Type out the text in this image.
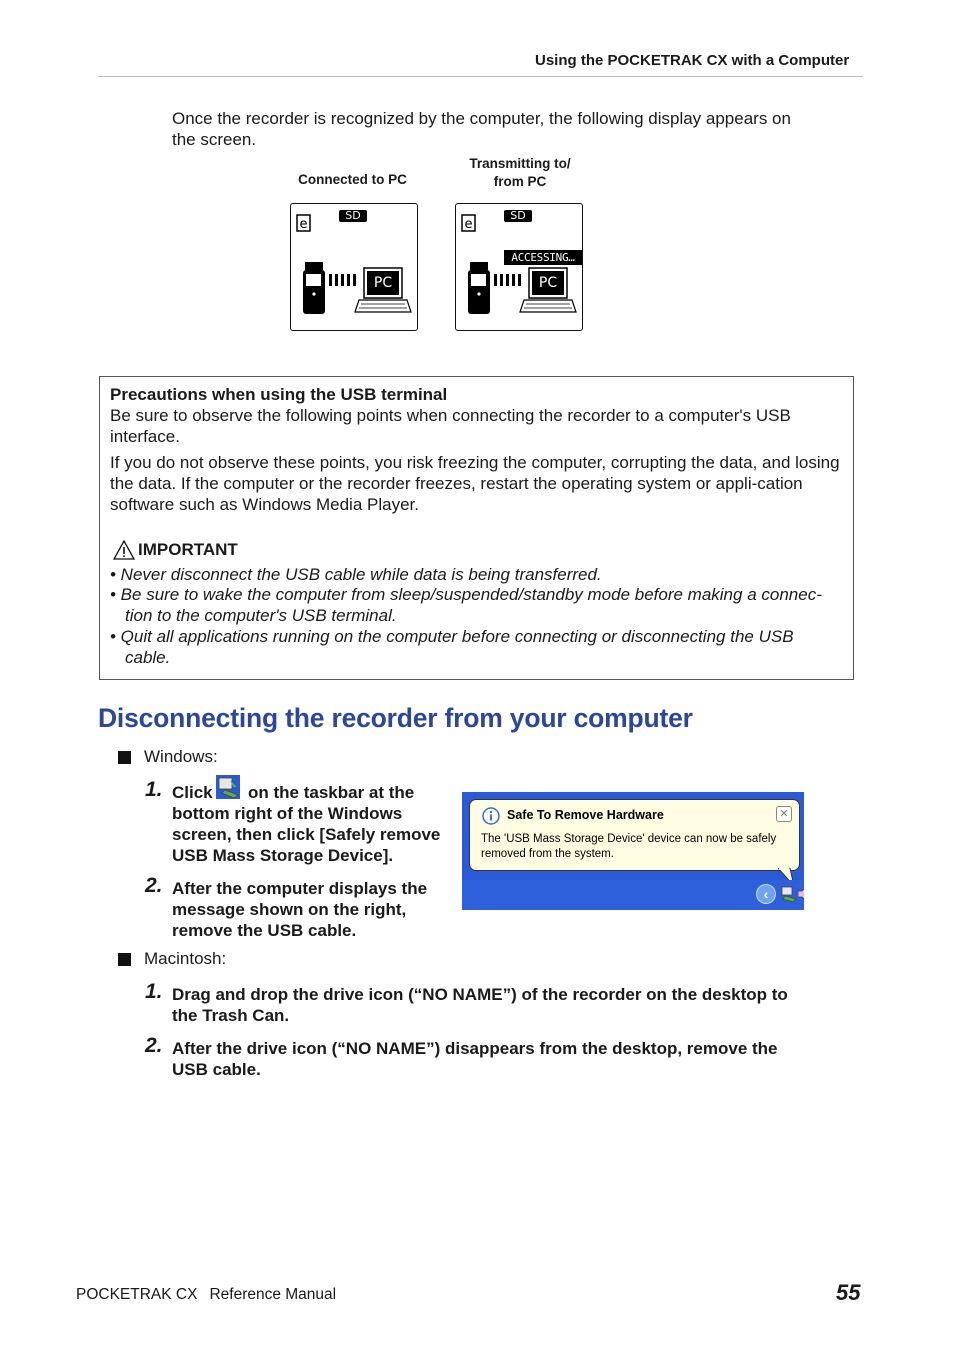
Using the POCKETRAK CX with a Computer
Once the recorder is recognized by the computer, the following display appears on the screen.
Connected to PC
Transmitting to/ from PC
e
SD
PC
e
SD
ACCESSING…
PC
Precautions when using the USB terminal
Be sure to observe the following points when connecting the recorder to a computer's USB interface.
If you do not observe these points, you risk freezing the computer, corrupting the data, and losing the data. If the computer or the recorder freezes, restart the operating system or appli-cation software such as Windows Media Player.
IMPORTANT
• Never disconnect the USB cable while data is being transferred.
• Be sure to wake the computer from sleep/suspended/standby mode before making a connec-tion to the computer's USB terminal.
• Quit all applications running on the computer before connecting or disconnecting the USB cable.
Disconnecting the recorder from your computer
Windows:
1. Click	on the taskbar at the bottom right of the Windows screen, then click [Safely remove USB Mass Storage Device].
2. After the computer displays the message shown on the right, remove the USB cable.
Safe To Remove Hardware	✕
The 'USB Mass Storage Device' device can now be safely removed from the system.
‹
Macintosh:
1. Drag and drop the drive icon (“NO NAME”) of the recorder on the desktop to the Trash Can.
2. After the drive icon (“NO NAME”) disappears from the desktop, remove the USB cable.
POCKETRAK CX Reference Manual	55
